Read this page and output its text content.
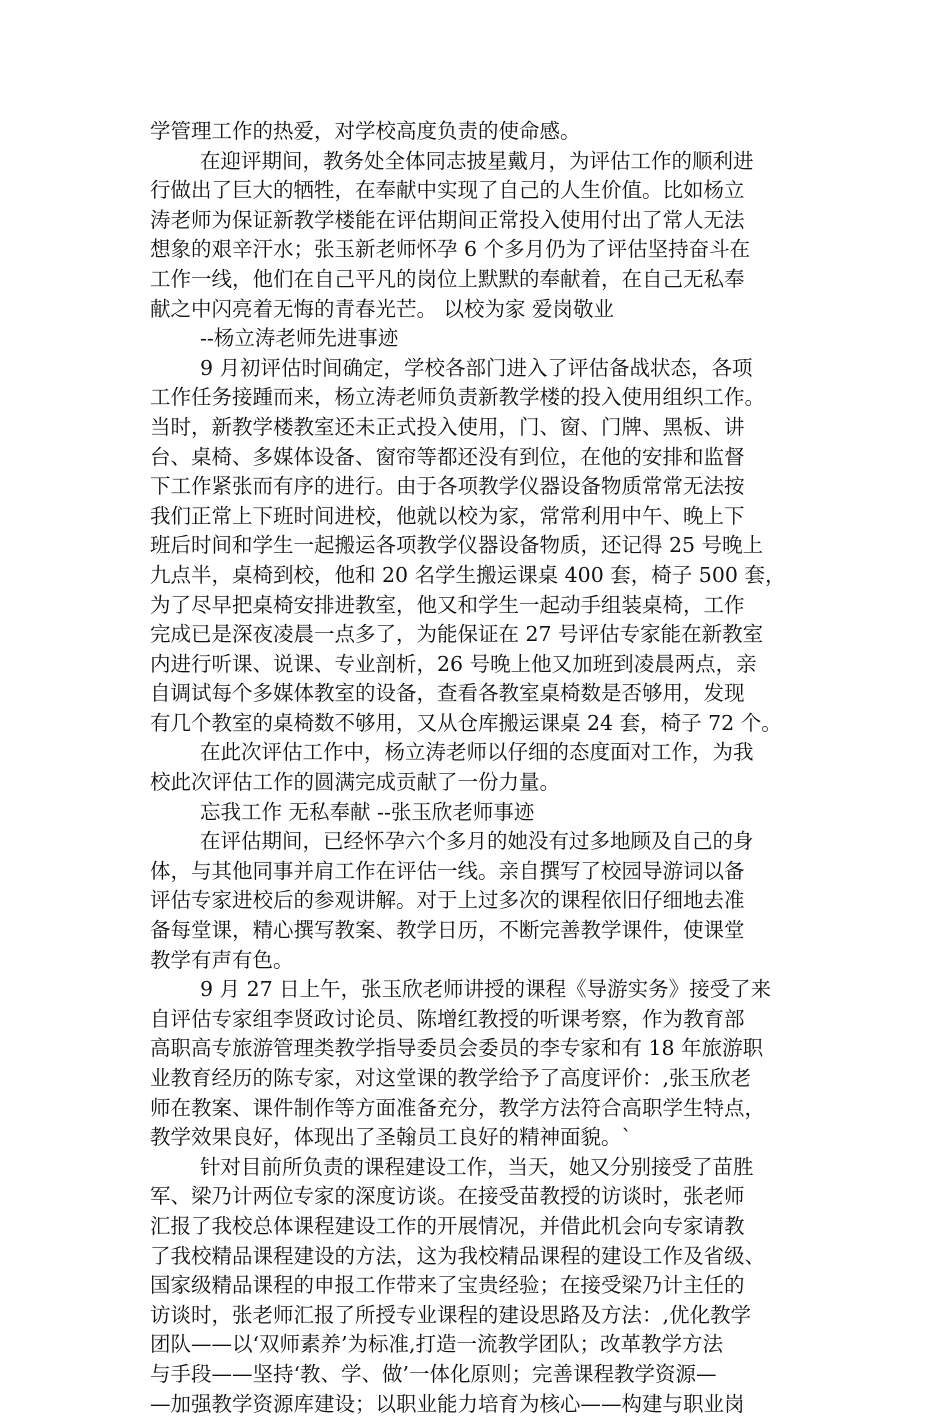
学管理工作的热爱，对学校高度负责的使命感。
在迎评期间，教务处全体同志披星戴月，为评估工作的顺利进
行做出了巨大的牺牲，在奉献中实现了自己的人生价值。比如杨立
涛老师为保证新教学楼能在评估期间正常投入使用付出了常人无法
想象的艰辛汗水；张玉新老师怀孕 6 个多月仍为了评估坚持奋斗在
工作一线，他们在自己平凡的岗位上默默的奉献着，在自己无私奉
献之中闪亮着无悔的青春光芒。 以校为家 爱岗敬业
--杨立涛老师先进事迹
9 月初评估时间确定，学校各部门进入了评估备战状态，各项
工作任务接踵而来，杨立涛老师负责新教学楼的投入使用组织工作。
当时，新教学楼教室还未正式投入使用，门、窗、门牌、黑板、讲
台、桌椅、多媒体设备、窗帘等都还没有到位，在他的安排和监督
下工作紧张而有序的进行。由于各项教学仪器设备物质常常无法按
我们正常上下班时间进校，他就以校为家，常常利用中午、晚上下
班后时间和学生一起搬运各项教学仪器设备物质，还记得 25 号晚上
九点半，桌椅到校，他和 20 名学生搬运课桌 400 套，椅子 500 套，
为了尽早把桌椅安排进教室，他又和学生一起动手组装桌椅，工作
完成已是深夜凌晨一点多了，为能保证在 27 号评估专家能在新教室
内进行听课、说课、专业剖析，26 号晚上他又加班到凌晨两点，亲
自调试每个多媒体教室的设备，查看各教室桌椅数是否够用，发现
有几个教室的桌椅数不够用，又从仓库搬运课桌 24 套，椅子 72 个。
在此次评估工作中，杨立涛老师以仔细的态度面对工作，为我
校此次评估工作的圆满完成贡献了一份力量。
忘我工作 无私奉献 --张玉欣老师事迹
在评估期间，已经怀孕六个多月的她没有过多地顾及自己的身
体，与其他同事并肩工作在评估一线。亲自撰写了校园导游词以备
评估专家进校后的参观讲解。对于上过多次的课程依旧仔细地去准
备每堂课，精心撰写教案、教学日历，不断完善教学课件，使课堂
教学有声有色。
9 月 27 日上午，张玉欣老师讲授的课程《导游实务》接受了来
自评估专家组李贤政讨论员、陈增红教授的听课考察，作为教育部
高职高专旅游管理类教学指导委员会委员的李专家和有 18 年旅游职
业教育经历的陈专家，对这堂课的教学给予了高度评价：,张玉欣老
师在教案、课件制作等方面准备充分，教学方法符合高职学生特点，
教学效果良好，体现出了圣翰员工良好的精神面貌。`
针对目前所负责的课程建设工作，当天，她又分别接受了苗胜
军、梁乃计两位专家的深度访谈。在接受苗教授的访谈时，张老师
汇报了我校总体课程建设工作的开展情况，并借此机会向专家请教
了我校精品课程建设的方法，这为我校精品课程的建设工作及省级、
国家级精品课程的申报工作带来了宝贵经验；在接受梁乃计主任的
访谈时，张老师汇报了所授专业课程的建设思路及方法：,优化教学
团队——以‘双师素养’为标准,打造一流教学团队；改革教学方法
与手段——坚持‘教、学、做’一体化原则；完善课程教学资源—
—加强教学资源库建设；以职业能力培育为核心——构建与职业岗
